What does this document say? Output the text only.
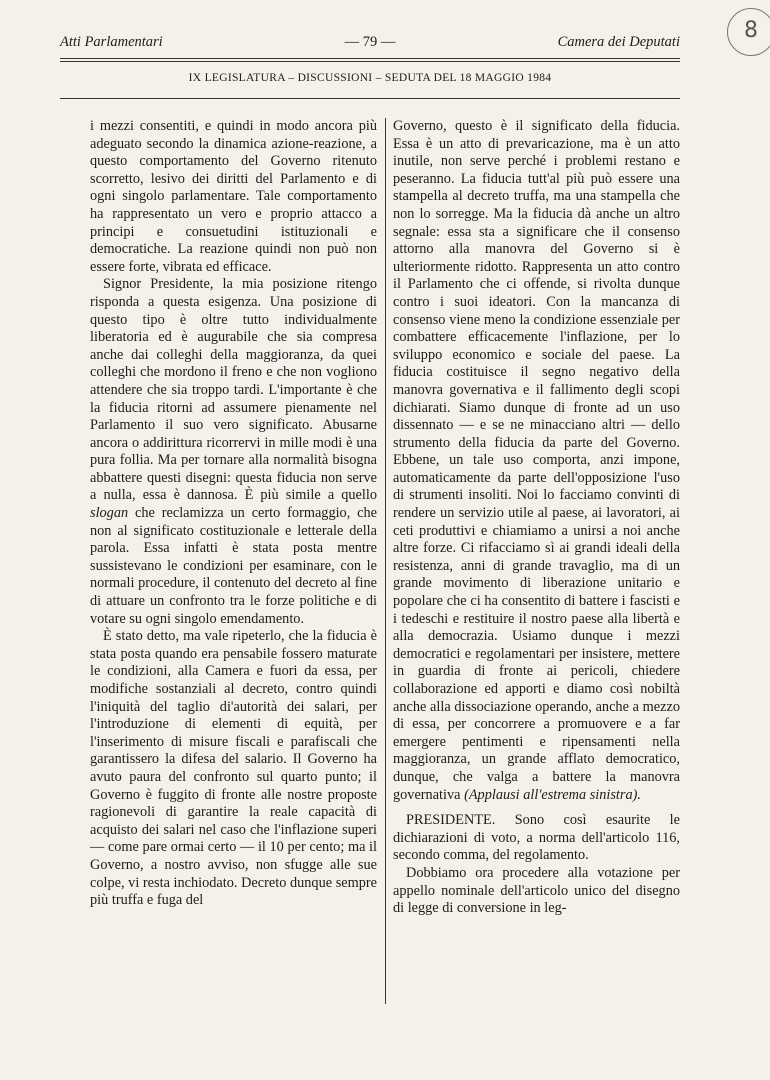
Atti Parlamentari	— 79 —	Camera dei Deputati
IX LEGISLATURA – DISCUSSIONI – SEDUTA DEL 18 MAGGIO 1984
8

i mezzi consentiti, e quindi in modo ancora più adeguato secondo la dinamica azione-reazione, a questo comportamento del Governo ritenuto scorretto, lesivo dei diritti del Parlamento e di ogni singolo parlamentare. Tale comportamento ha rappresentato un vero e proprio attacco a principi e consuetudini istituzionali e democratiche. La reazione quindi non può non essere forte, vibrata ed efficace.

Signor Presidente, la mia posizione ritengo risponda a questa esigenza. Una posizione di questo tipo è oltre tutto individualmente liberatoria ed è augurabile che sia compresa anche dai colleghi della maggioranza, da quei colleghi che mordono il freno e che non vogliono attendere che sia troppo tardi. L'importante è che la fiducia ritorni ad assumere pienamente nel Parlamento il suo vero significato. Abusarne ancora o addirittura ricorrervi in mille modi è una pura follia. Ma per tornare alla normalità bisogna abbattere questi disegni: questa fiducia non serve a nulla, essa è dannosa. È più simile a quello slogan che reclamizza un certo formaggio, che non al significato costituzionale e letterale della parola. Essa infatti è stata posta mentre sussistevano le condizioni per esaminare, con le normali procedure, il contenuto del decreto al fine di attuare un confronto tra le forze politiche e di votare su ogni singolo emendamento.

È stato detto, ma vale ripeterlo, che la fiducia è stata posta quando era pensabile fossero maturate le condizioni, alla Camera e fuori da essa, per modifiche sostanziali al decreto, contro quindi l'iniquità del taglio di'autorità dei salari, per l'introduzione di elementi di equità, per l'inserimento di misure fiscali e parafiscali che garantissero la difesa del salario. Il Governo ha avuto paura del confronto sul quarto punto; il Governo è fuggito di fronte alle nostre proposte ragionevoli di garantire la reale capacità di acquisto dei salari nel caso che l'inflazione superi — come pare ormai certo — il 10 per cento; ma il Governo, a nostro avviso, non sfugge alle sue colpe, vi resta inchiodato. Decreto dunque sempre più truffa e fuga del

Governo, questo è il significato della fiducia. Essa è un atto di prevaricazione, ma è un atto inutile, non serve perché i problemi restano e peseranno. La fiducia tutt'al più può essere una stampella al decreto truffa, ma una stampella che non lo sorregge. Ma la fiducia dà anche un altro segnale: essa sta a significare che il consenso attorno alla manovra del Governo si è ulteriormente ridotto. Rappresenta un atto contro il Parlamento che ci offende, si rivolta dunque contro i suoi ideatori. Con la mancanza di consenso viene meno la condizione essenziale per combattere efficacemente l'inflazione, per lo sviluppo economico e sociale del paese. La fiducia costituisce il segno negativo della manovra governativa e il fallimento degli scopi dichiarati. Siamo dunque di fronte ad un uso dissennato — e se ne minacciano altri — dello strumento della fiducia da parte del Governo. Ebbene, un tale uso comporta, anzi impone, automaticamente da parte dell'opposizione l'uso di strumenti insoliti. Noi lo facciamo convinti di rendere un servizio utile al paese, ai lavoratori, ai ceti produttivi e chiamiamo a unirsi a noi anche altre forze. Ci rifacciamo sì ai grandi ideali della resistenza, anni di grande travaglio, ma di un grande movimento di liberazione unitario e popolare che ci ha consentito di battere i fascisti e i tedeschi e restituire il nostro paese alla libertà e alla democrazia. Usiamo dunque i mezzi democratici e regolamentari per insistere, mettere in guardia di fronte ai pericoli, chiedere collaborazione ed apporti e diamo così nobiltà anche alla dissociazione operando, anche a mezzo di essa, per concorrere a promuovere e a far emergere pentimenti e ripensamenti nella maggioranza, un grande afflato democratico, dunque, che valga a battere la manovra governativa (Applausi all'estrema sinistra).

PRESIDENTE. Sono così esaurite le dichiarazioni di voto, a norma dell'articolo 116, secondo comma, del regolamento.

Dobbiamo ora procedere alla votazione per appello nominale dell'articolo unico del disegno di legge di conversione in leg-
